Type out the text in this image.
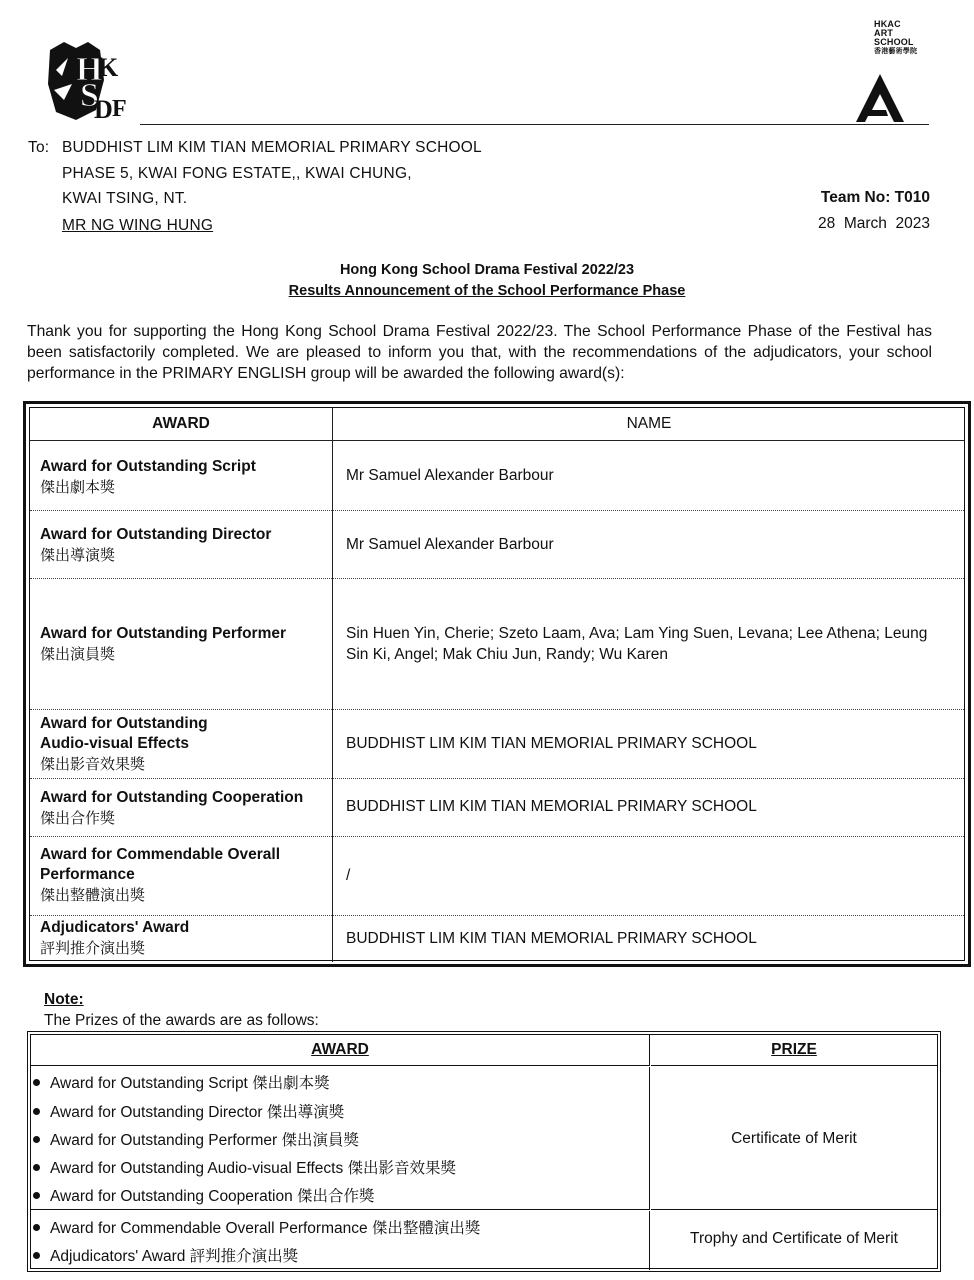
H
K
S
D F
HKAC
ART
SCHOOL
香港藝術學院
To: BUDDHIST LIM KIM TIAN MEMORIAL PRIMARY SCHOOL
PHASE 5, KWAI FONG ESTATE,, KWAI CHUNG,
KWAI TSING, NT.
MR NG WING HUNG
Team No: T010
28  March  2023
Hong Kong School Drama Festival 2022/23
Results Announcement of the School Performance Phase
Thank you for supporting the Hong Kong School Drama Festival 2022/23. The School Performance Phase of the Festival has been satisfactorily completed. We are pleased to inform you that, with the recommendations of the adjudicators, your school performance in the PRIMARY ENGLISH group will be awarded the following award(s):
AWARD	NAME
Award for Outstanding Script
傑出劇本獎
Mr Samuel Alexander Barbour
Award for Outstanding Director
傑出導演獎
Mr Samuel Alexander Barbour
Award for Outstanding Performer
傑出演員獎
Sin Huen Yin, Cherie; Szeto Laam, Ava; Lam Ying Suen, Levana; Lee Athena; Leung Sin Ki, Angel; Mak Chiu Jun, Randy; Wu Karen
Award for Outstanding Audio-visual Effects
傑出影音效果獎
BUDDHIST LIM KIM TIAN MEMORIAL PRIMARY SCHOOL
Award for Outstanding Cooperation
傑出合作獎
BUDDHIST LIM KIM TIAN MEMORIAL PRIMARY SCHOOL
Award for Commendable Overall Performance
傑出整體演出獎
/
Adjudicators' Award
評判推介演出獎
BUDDHIST LIM KIM TIAN MEMORIAL PRIMARY SCHOOL
Note:
The Prizes of the awards are as follows:
AWARD	PRIZE
Award for Outstanding Script 傑出劇本獎
Award for Outstanding Director 傑出導演獎
Award for Outstanding Performer 傑出演員獎
Award for Outstanding Audio-visual Effects 傑出影音效果獎
Award for Outstanding Cooperation 傑出合作獎
Certificate of Merit
Award for Commendable Overall Performance 傑出整體演出獎
Adjudicators' Award 評判推介演出獎
Trophy and Certificate of Merit
